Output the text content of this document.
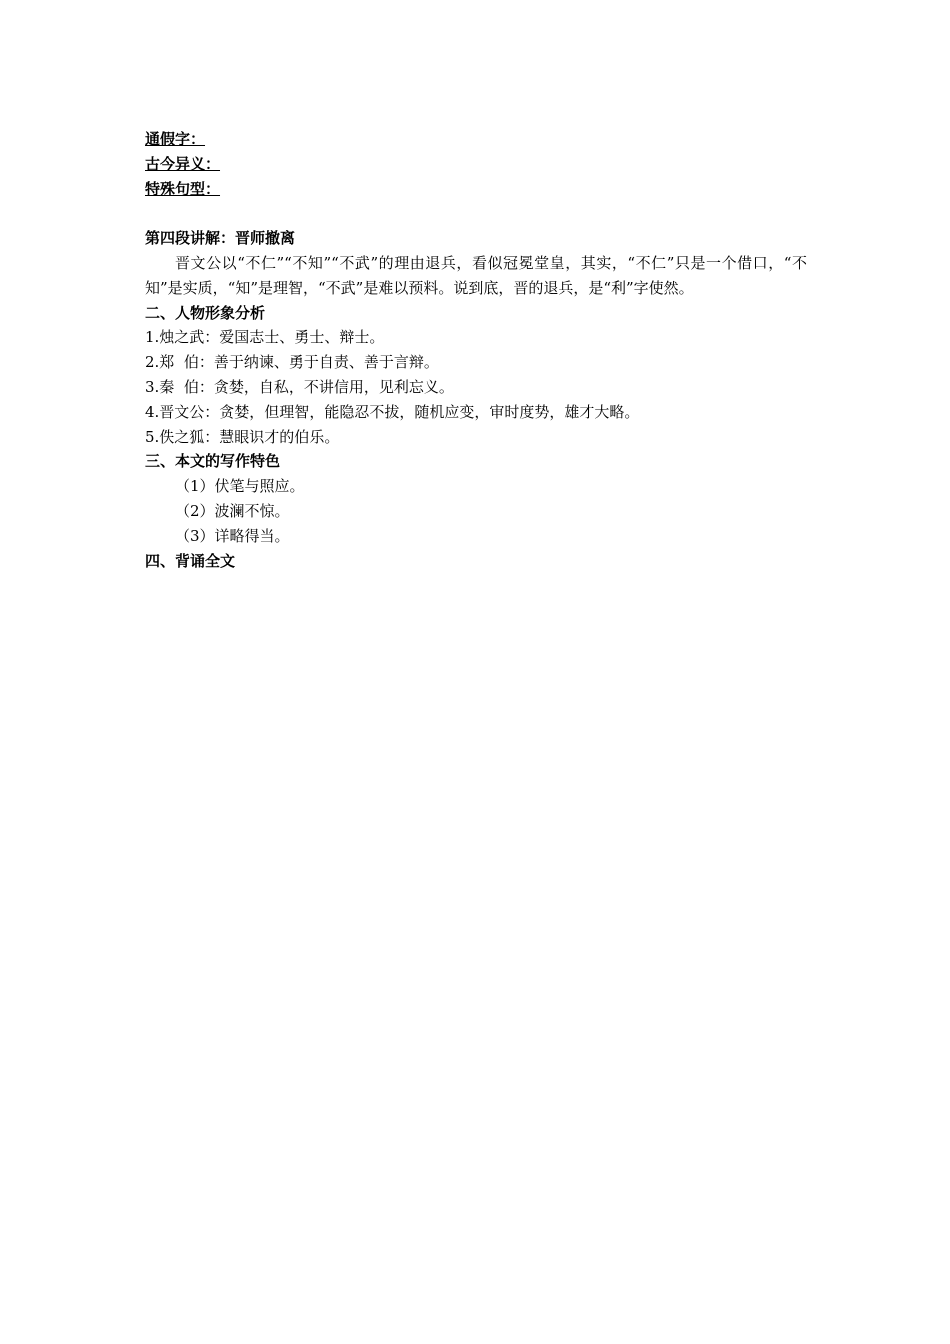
通假字：

古今异义：

特殊句型：

第四段讲解：晋师撤离

晋文公以“不仁”“不知”“不武”的理由退兵，看似冠冕堂皇，其实，“不仁”只是一个借口，“不知”是实质，“知”是理智，“不武”是难以预料。说到底，晋的退兵，是“利”字使然。

二、人物形象分析

1.烛之武：爱国志士、勇士、辩士。

2.郑  伯：善于纳谏、勇于自责、善于言辩。

3.秦  伯：贪婪，自私，不讲信用，见利忘义。

4.晋文公：贪婪，但理智，能隐忍不拔，随机应变，审时度势，雄才大略。

5.佚之狐：慧眼识才的伯乐。

三、本文的写作特色

（1）伏笔与照应。

（2）波澜不惊。

（3）详略得当。

四、背诵全文
